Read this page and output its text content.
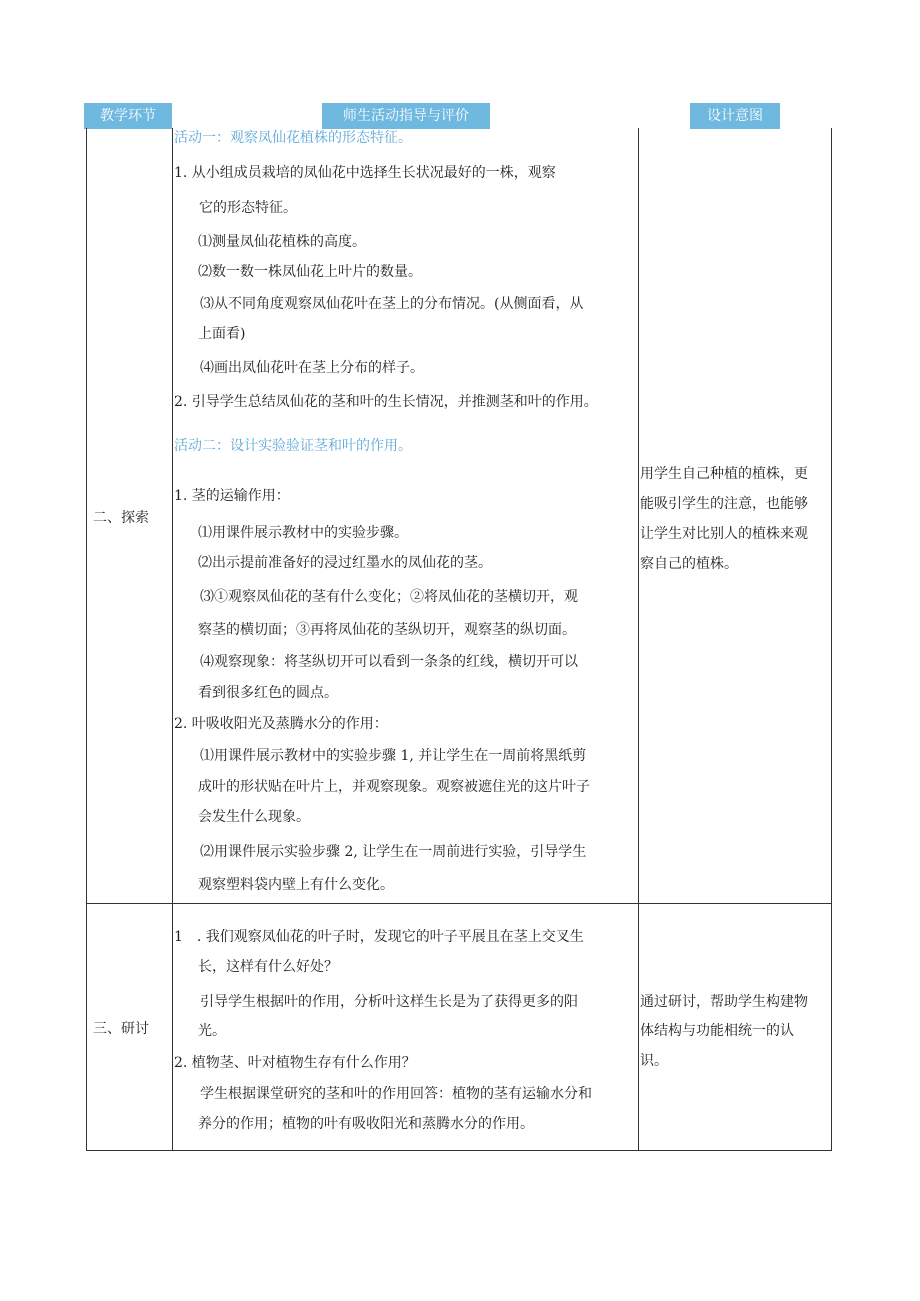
教学环节	师生活动指导与评价	设计意图
二、探索
活动一：观察凤仙花植株的形态特征。
1. 从小组成员栽培的凤仙花中选择生长状况最好的一株，观察
它的形态特征。
⑴测量凤仙花植株的高度。
⑵数一数一株凤仙花上叶片的数量。
⑶从不同角度观察凤仙花叶在茎上的分布情况。(从侧面看，从
上面看)
⑷画出凤仙花叶在茎上分布的样子。
2. 引导学生总结凤仙花的茎和叶的生长情况，并推测茎和叶的作用。
活动二：设计实验验证茎和叶的作用。
1. 茎的运输作用：
⑴用课件展示教材中的实验步骤。
⑵出示提前准备好的浸过红墨水的凤仙花的茎。
⑶①观察凤仙花的茎有什么变化；②将凤仙花的茎横切开，观
察茎的横切面；③再将凤仙花的茎纵切开，观察茎的纵切面。
⑷观察现象：将茎纵切开可以看到一条条的红线，横切开可以
看到很多红色的圆点。
2. 叶吸收阳光及蒸腾水分的作用：
⑴用课件展示教材中的实验步骤 1, 并让学生在一周前将黑纸剪
成叶的形状贴在叶片上，并观察现象。观察被遮住光的这片叶子
会发生什么现象。
⑵用课件展示实验步骤 2, 让学生在一周前进行实验，引导学生
观察塑料袋内壁上有什么变化。
用学生自己种植的植株，更
能吸引学生的注意，也能够
让学生对比别人的植株来观
察自己的植株。
三、研讨
1　. 我们观察凤仙花的叶子时，发现它的叶子平展且在茎上交叉生
长，这样有什么好处？
引导学生根据叶的作用，分析叶这样生长是为了获得更多的阳
光。
2. 植物茎、叶对植物生存有什么作用？
学生根据课堂研究的茎和叶的作用回答：植物的茎有运输水分和
养分的作用；植物的叶有吸收阳光和蒸腾水分的作用。
通过研讨，帮助学生构建物
体结构与功能相统一的认
识。
